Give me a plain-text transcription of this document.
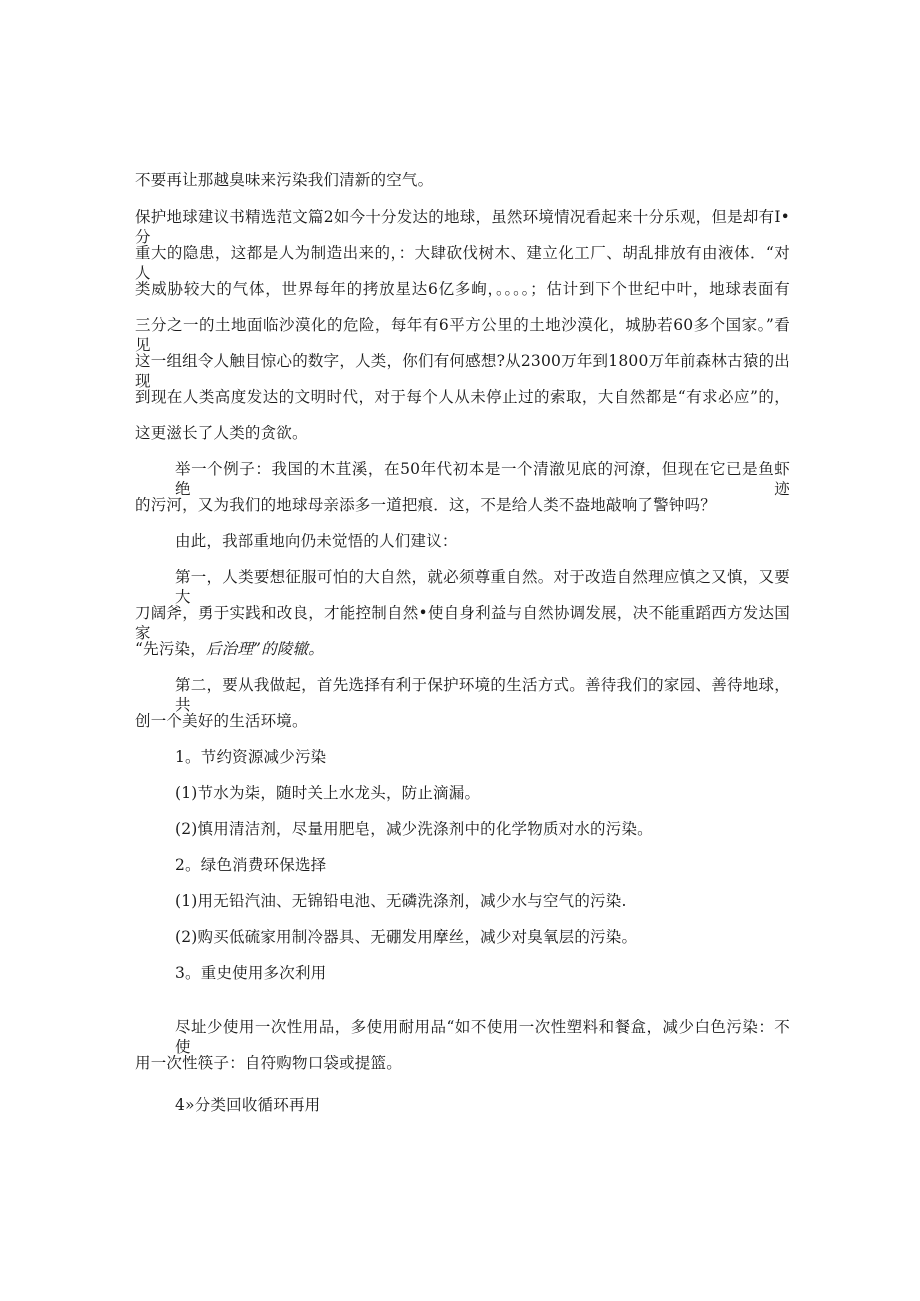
不要再让那越臭味来污染我们清新的空气。
保护地球建议书精选范文篇2如今十分发达的地球，虽然环境情况看起来十分乐观，但是却有I•分
重大的隐患，这都是人为制造出来的，：大肆砍伐树木、建立化工厂、胡乱排放有由液体．“对人
类威胁较大的气体，世界每年的拷放星达6亿多峋，。。。。；估计到下个世纪中叶，地球表面有
三分之一的土地面临沙漠化的危险，每年有6平方公里的土地沙漠化，城胁若60多个国家。”看见
这一组组令人触目惊心的数字，人类，你们有何感想?从2300万年到1800万年前森林古猿的出现
到现在人类高度发达的文明时代，对于每个人从未停止过的索取，大自然都是“有求必应”的，
这更滋长了人类的贪欲。
举一个例子：我国的木苴溪，在50年代初本是一个清澈见底的河潦，但现在它已是鱼虾绝迹
的污河，又为我们的地球母亲添多一道把痕．这，不是给人类不盎地敲响了警钟吗？
由此，我部重地向仍未觉悟的人们建议：
第一，人类要想征服可怕的大自然，就必须尊重自然。对于改造自然理应慎之又慎，又要大
刀阔斧，勇于实践和改良，才能控制自然•使自身利益与自然协调发展，决不能重蹈西方发达国家
“先污染，后治理”的陵辙。
第二，要从我做起，首先选择有利于保护环境的生活方式。善待我们的家园、善待地球，共
创一个美好的生活环境。
1。节约资源减少污染
(1)节水为柒，随时关上水龙头，防止滴漏。
(2)慎用清洁剂，尽量用肥皂，减少洗涤剂中的化学物质对水的污染。
2。绿色消费环保选择
(1)用无铅汽油、无锦铅电池、无磷洗涤剂，减少水与空气的污染.
(2)购买低硫家用制冷器具、无硼发用摩丝，减少对臭氧层的污染。
3。重史使用多次利用
尽址少使用一次性用品，多使用耐用品“如不使用一次性塑料和餐盒，减少白色污染：不使
用一次性筷子：自符购物口袋或提篮。
4»分类回收循环再用
